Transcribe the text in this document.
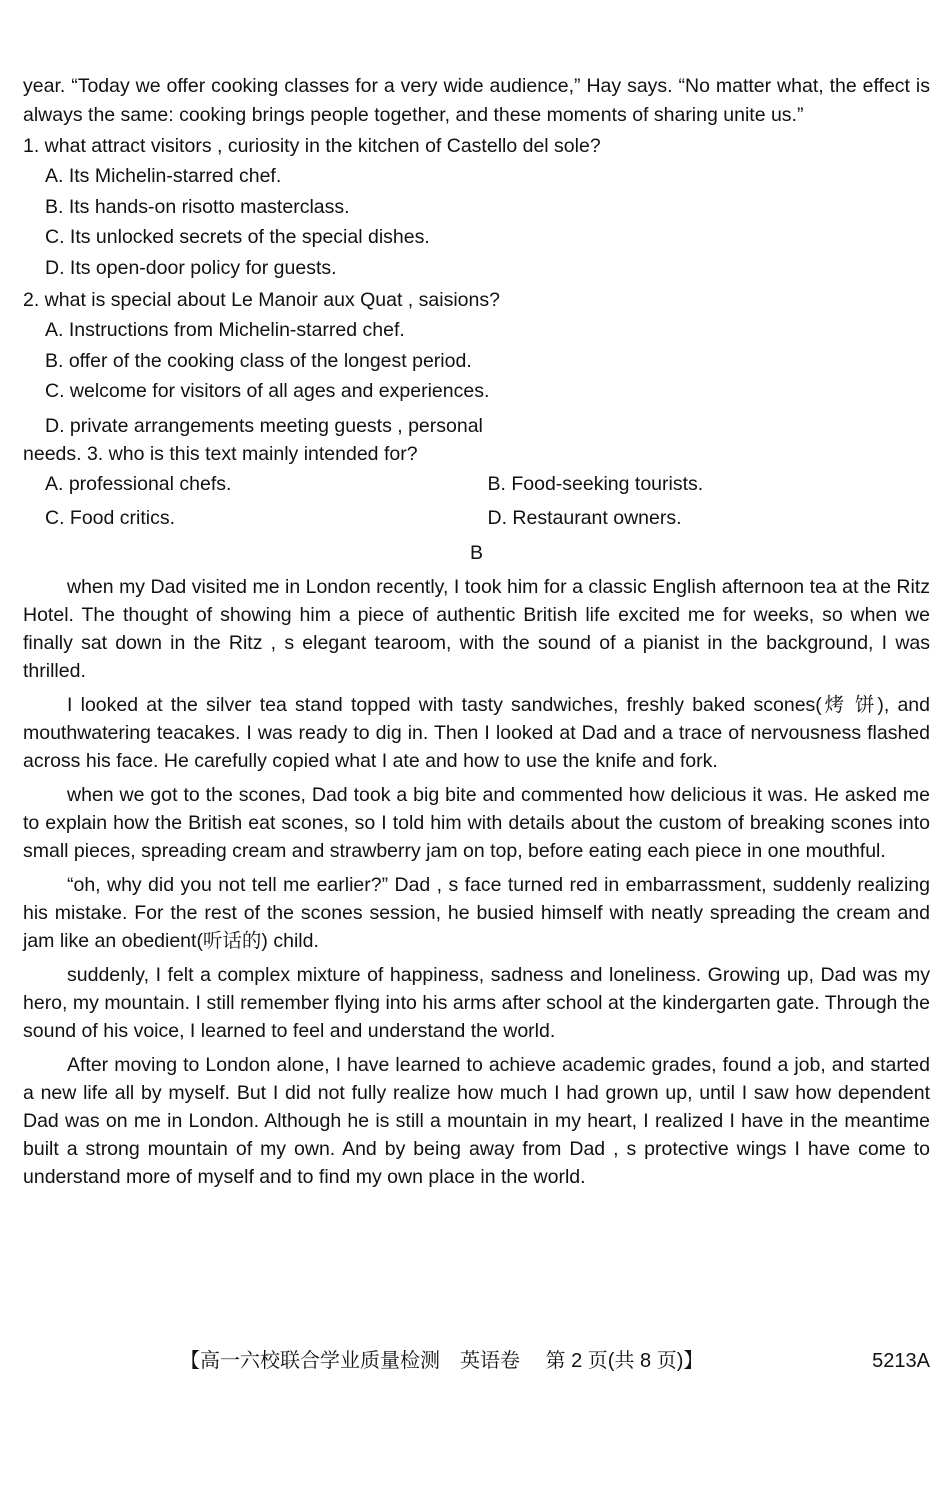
year. “Today we offer cooking classes for a very wide audience,” Hay says. “No matter what, the effect is always the same: cooking brings people together, and these moments of sharing unite us.”

1. what attract visitors , curiosity in the kitchen of Castello del sole?

A. Its Michelin-starred chef.

B. Its hands-on risotto masterclass.

C. Its unlocked secrets of the special dishes.

D. Its open-door policy for guests.

2. what is special about Le Manoir aux Quat , saisions?

A. Instructions from Michelin-starred chef.

B. offer of the cooking class of the longest period.

C. welcome for visitors of all ages and experiences.

D. private arrangements meeting guests , personal

needs. 3. who is this text mainly intended for?

A. professional chefs.	B. Food-seeking tourists.
C. Food critics.	D. Restaurant owners.

B

when my Dad visited me in London recently, I took him for a classic English afternoon tea at the Ritz Hotel. The thought of showing him a piece of authentic British life excited me for weeks, so when we finally sat down in the Ritz , s elegant tearoom, with the sound of a pianist in the background, I was thrilled.

I looked at the silver tea stand topped with tasty sandwiches, freshly baked scones(烤 饼), and mouthwatering teacakes. I was ready to dig in. Then I looked at Dad and a trace of nervousness flashed across his face. He carefully copied what I ate and how to use the knife and fork.

when we got to the scones, Dad took a big bite and commented how delicious it was. He asked me to explain how the British eat scones, so I told him with details about the custom of breaking scones into small pieces, spreading cream and strawberry jam on top, before eating each piece in one mouthful.

“oh, why did you not tell me earlier?” Dad , s face turned red in embarrassment, suddenly realizing his mistake. For the rest of the scones session, he busied himself with neatly spreading the cream and jam like an obedient(听话的) child.

suddenly, I felt a complex mixture of happiness, sadness and loneliness. Growing up, Dad was my hero, my mountain. I still remember flying into his arms after school at the kindergarten gate. Through the sound of his voice, I learned to feel and understand the world.

After moving to London alone, I have learned to achieve academic grades, found a job, and started a new life all by myself. But I did not fully realize how much I had grown up, until I saw how dependent Dad was on me in London. Although he is still a mountain in my heart, I realized I have in the meantime built a strong mountain of my own. And by being away from Dad , s protective wings I have come to understand more of myself and to find my own place in the world.

【高一六校联合学业质量检测　英语卷　 第 2 页(共 8 页)】	5213A
